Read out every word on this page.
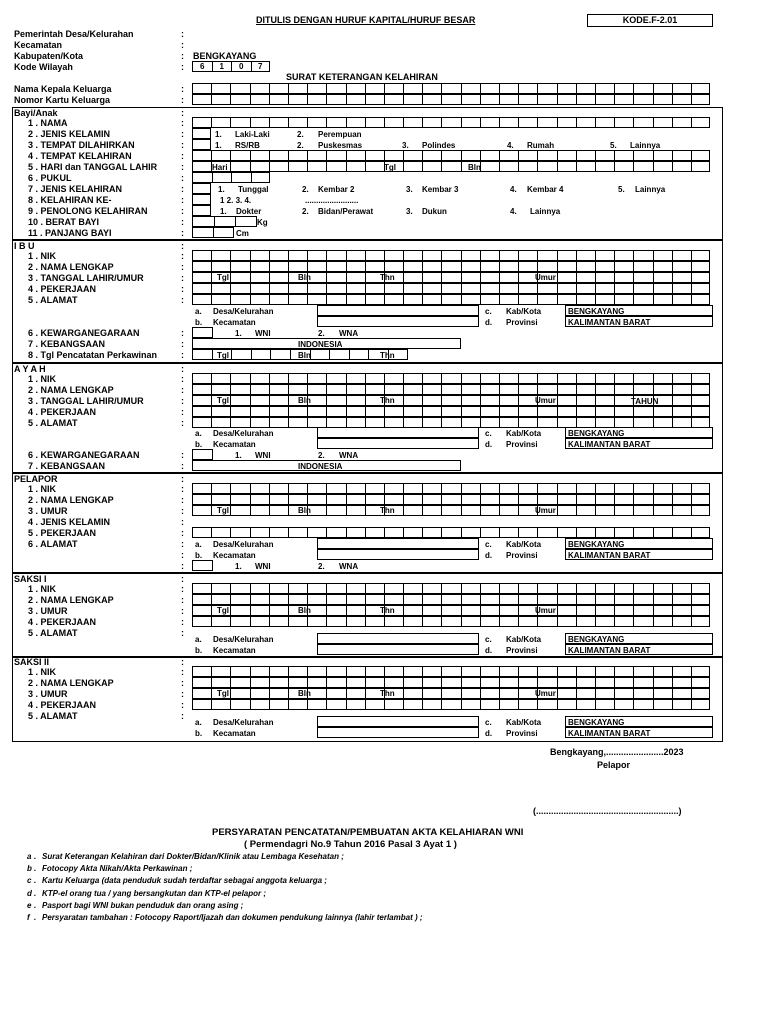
DITULIS DENGAN HURUF KAPITAL/HURUF BESAR	KODE.F-2.01
Pemerintah Desa/Kelurahan	:
Kecamatan	:
Kabupaten/Kota	: BENGKAYANG
Kode Wilayah	:	6	1	0	7
SURAT KETERANGAN KELAHIRAN
Nama Kepala Keluarga	:
Nomor Kartu Keluarga	:
Bayi/Anak	:
1 . NAMA	:
2 . JENIS KELAMIN	:	1. Laki-Laki	2. Perempuan
3 . TEMPAT DILAHIRKAN	:	1. RS/RB	2. Puskesmas	3. Polindes	4. Rumah	5. Lainnya
4 . TEMPAT KELAHIRAN	:
5 . HARI dan TANGGAL LAHIR	:	Hari	Tgl	Bln
6 . PUKUL	:
7 . JENIS KELAHIRAN	:	1. Tunggal	2. Kembar 2	3. Kembar 3	4. Kembar 4	5. Lainnya
8 . KELAHIRAN KE-	:	1 2. 3. 4.	........................
9 . PENOLONG KELAHIRAN	:	1. Dokter	2. Bidan/Perawat	3. Dukun	4. Lainnya
10 . BERAT BAYI	:	Kg
11 . PANJANG BAYI	:	Cm
I B U	:
1 . NIK	:
2 . NAMA LENGKAP	:
3 . TANGGAL LAHIR/UMUR	:	Tgl	Bln	Thn	Umur
4 . PEKERJAAN	:
5 . ALAMAT	:
a. Desa/Kelurahan	c. Kab/Kota	BENGKAYANG
b. Kecamatan	d. Provinsi	KALIMANTAN BARAT
6 . KEWARGANEGARAAN	:	1. WNI	2. WNA
7 . KEBANGSAAN	:	INDONESIA
8 . Tgl Pencatatan Perkawinan	:	Tgl	Bln	Thn
A Y A H	:
1 . NIK	:
2 . NAMA LENGKAP	:
3 . TANGGAL LAHIR/UMUR	:	Tgl	Bln	Thn	Umur	TAHUN
4 . PEKERJAAN	:
5 . ALAMAT	:
a. Desa/Kelurahan	c. Kab/Kota	BENGKAYANG
b. Kecamatan	d. Provinsi	KALIMANTAN BARAT
6 . KEWARGANEGARAAN	:	1. WNI	2. WNA
7 . KEBANGSAAN	:	INDONESIA
PELAPOR	:
1 . NIK	:
2 . NAMA LENGKAP	:
3 . UMUR	:	Tgl	Bln	Thn	Umur
4 . JENIS KELAMIN	:
5 . PEKERJAAN	:
6 . ALAMAT	: a. Desa/Kelurahan	c. Kab/Kota	BENGKAYANG
b. Kecamatan	d. Provinsi	KALIMANTAN BARAT
:
:	1. WNI	2. WNA
SAKSI I	:
1 . NIK	:
2 . NAMA LENGKAP	:
3 . UMUR	:	Tgl	Bln	Thn	Umur
4 . PEKERJAAN	:
5 . ALAMAT	:
a. Desa/Kelurahan	c. Kab/Kota	BENGKAYANG
b. Kecamatan	d. Provinsi	KALIMANTAN BARAT
SAKSI II	:
1 . NIK	:
2 . NAMA LENGKAP	:
3 . UMUR	:	Tgl	Bln	Thn	Umur
4 . PEKERJAAN	:
5 . ALAMAT	:
a. Desa/Kelurahan	c. Kab/Kota	BENGKAYANG
b. Kecamatan	d. Provinsi	KALIMANTAN BARAT
Bengkayang,.......................2023
Pelapor
(.........................................................)
PERSYARATAN PENCATATAN/PEMBUATAN AKTA KELAHIARAN WNI
( Permendagri No.9 Tahun 2016 Pasal 3 Ayat 1 )
a . Surat Keterangan Kelahiran dari Dokter/Bidan/Klinik atau Lembaga Kesehatan ;
b . Fotocopy Akta Nikah/Akta Perkawinan ;
c . Kartu Keluarga (data penduduk sudah terdaftar sebagai anggota keluarga ;
d . KTP-el orang tua / yang bersangkutan dan KTP-el pelapor ;
e . Pasport bagi WNI bukan penduduk dan orang asing ;
f . Persyaratan tambahan : Fotocopy Raport/Ijazah dan dokumen pendukung lainnya (lahir terlambat ) ;
